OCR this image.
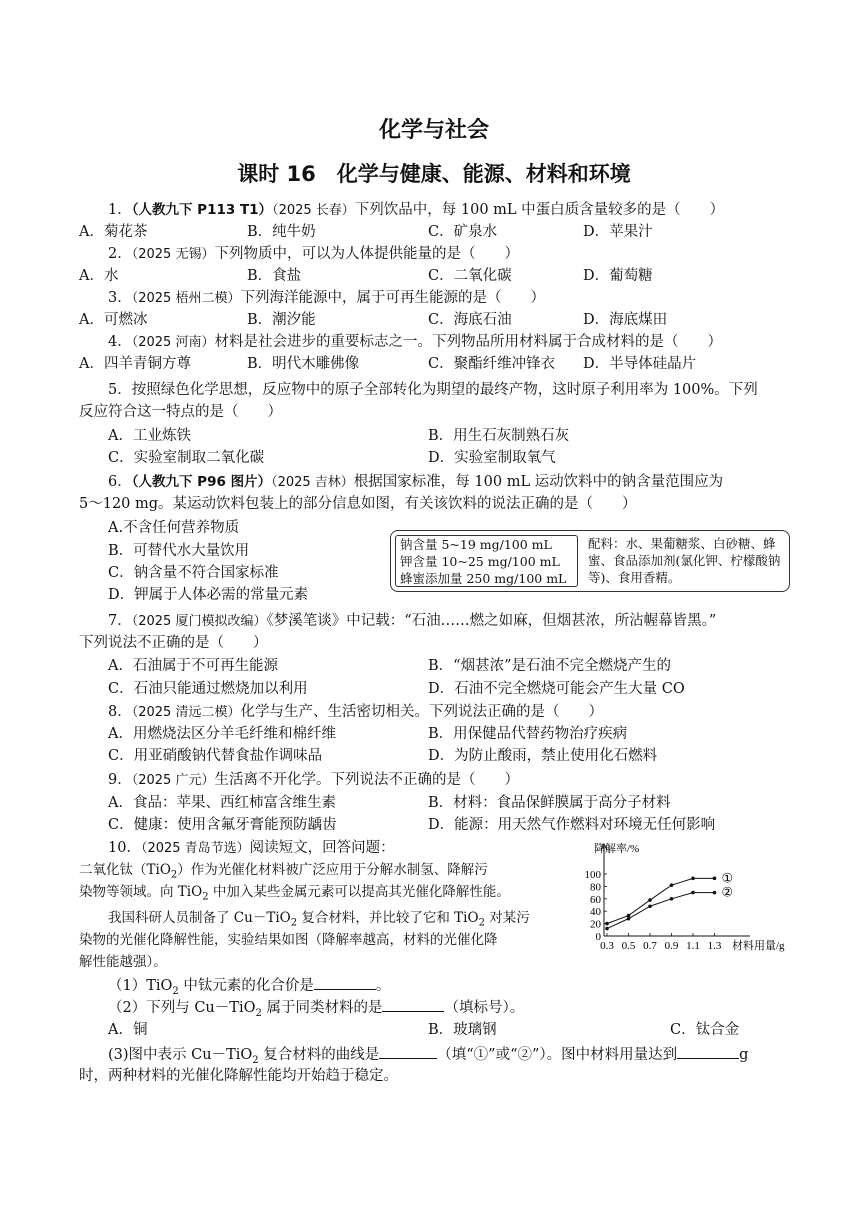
化学与社会
课时 16　化学与健康、能源、材料和环境
1．（人教九下 P113 T1）（2025 长春）下列饮品中，每 100 mL 中蛋白质含量较多的是（　　）
A．菊花茶	B．纯牛奶	C．矿泉水	D．苹果汁
2．（2025 无锡）下列物质中，可以为人体提供能量的是（　　）
A．水	B．食盐	C．二氧化碳	D．葡萄糖
3．（2025 梧州二模）下列海洋能源中，属于可再生能源的是（　　）
A．可燃冰	B．潮汐能	C．海底石油	D．海底煤田
4．（2025 河南）材料是社会进步的重要标志之一。下列物品所用材料属于合成材料的是（　　）
A．四羊青铜方尊	B．明代木雕佛像	C．聚酯纤维冲锋衣 D．半导体硅晶片
5．按照绿色化学思想，反应物中的原子全部转化为期望的最终产物，这时原子利用率为 100%。下列
反应符合这一特点的是（　　）
A．工业炼铁	B．用生石灰制熟石灰
C．实验室制取二氧化碳	D．实验室制取氧气
6．（人教九下 P96 图片）（2025 吉林）根据国家标准，每 100 mL 运动饮料中的钠含量范围应为
5～120 mg。某运动饮料包装上的部分信息如图，有关该饮料的说法正确的是（　　）
A.不含任何营养物质
B．可替代水大量饮用
C．钠含量不符合国家标准
D．钾属于人体必需的常量元素
钠含量 5~19 mg/100 mL
钾含量 10~25 mg/100 mL
蜂蜜添加量 250 mg/100 mL
配料：水、果葡糖浆、白砂糖、蜂蜜、食品添加剂(氯化钾、柠檬酸钠等)、食用香精。
7．（2025 厦门模拟改编）《梦溪笔谈》中记载：“石油……燃之如麻，但烟甚浓，所沾幄幕皆黑。”
下列说法不正确的是（　　）
A．石油属于不可再生能源	B．“烟甚浓”是石油不完全燃烧产生的
C．石油只能通过燃烧加以利用	D．石油不完全燃烧可能会产生大量 CO
8．（2025 清远二模）化学与生产、生活密切相关。下列说法正确的是（　　）
A．用燃烧法区分羊毛纤维和棉纤维	B．用保健品代替药物治疗疾病
C．用亚硝酸钠代替食盐作调味品	D．为防止酸雨，禁止使用化石燃料
9．（2025 广元）生活离不开化学。下列说法不正确的是（　　）
A．食品：苹果、西红柿富含维生素	B．材料：食品保鲜膜属于高分子材料
C．健康：使用含氟牙膏能预防龋齿	D．能源：用天然气作燃料对环境无任何影响
10．（2025 青岛节选）阅读短文，回答问题：
二氧化钛（TiO$_2$）作为光催化材料被广泛应用于分解水制氢、降解污
染物等领域。向 TiO$_2$ 中加入某些金属元素可以提高其光催化降解性能。
我国科研人员制备了 Cu－TiO$_2$ 复合材料，并比较了它和 TiO$_2$ 对某污
染物的光催化降解性能，实验结果如图（降解率越高，材料的光催化降
解性能越强）。
0
20
40
60
80
100
0.3 0.5 0.7 0.9 1.1 1.3
降解率/%
材料用量/g
①
②
（1）TiO$_2$ 中钛元素的化合价是	。
（2）下列与 Cu－TiO$_2$ 属于同类材料的是	（填标号）。
A．铜	B．玻璃钢	C．钛合金
(3)图中表示 Cu－TiO$_2$ 复合材料的曲线是	（填“①”或“②”）。图中材料用量达到	g
时，两种材料的光催化降解性能均开始趋于稳定。
